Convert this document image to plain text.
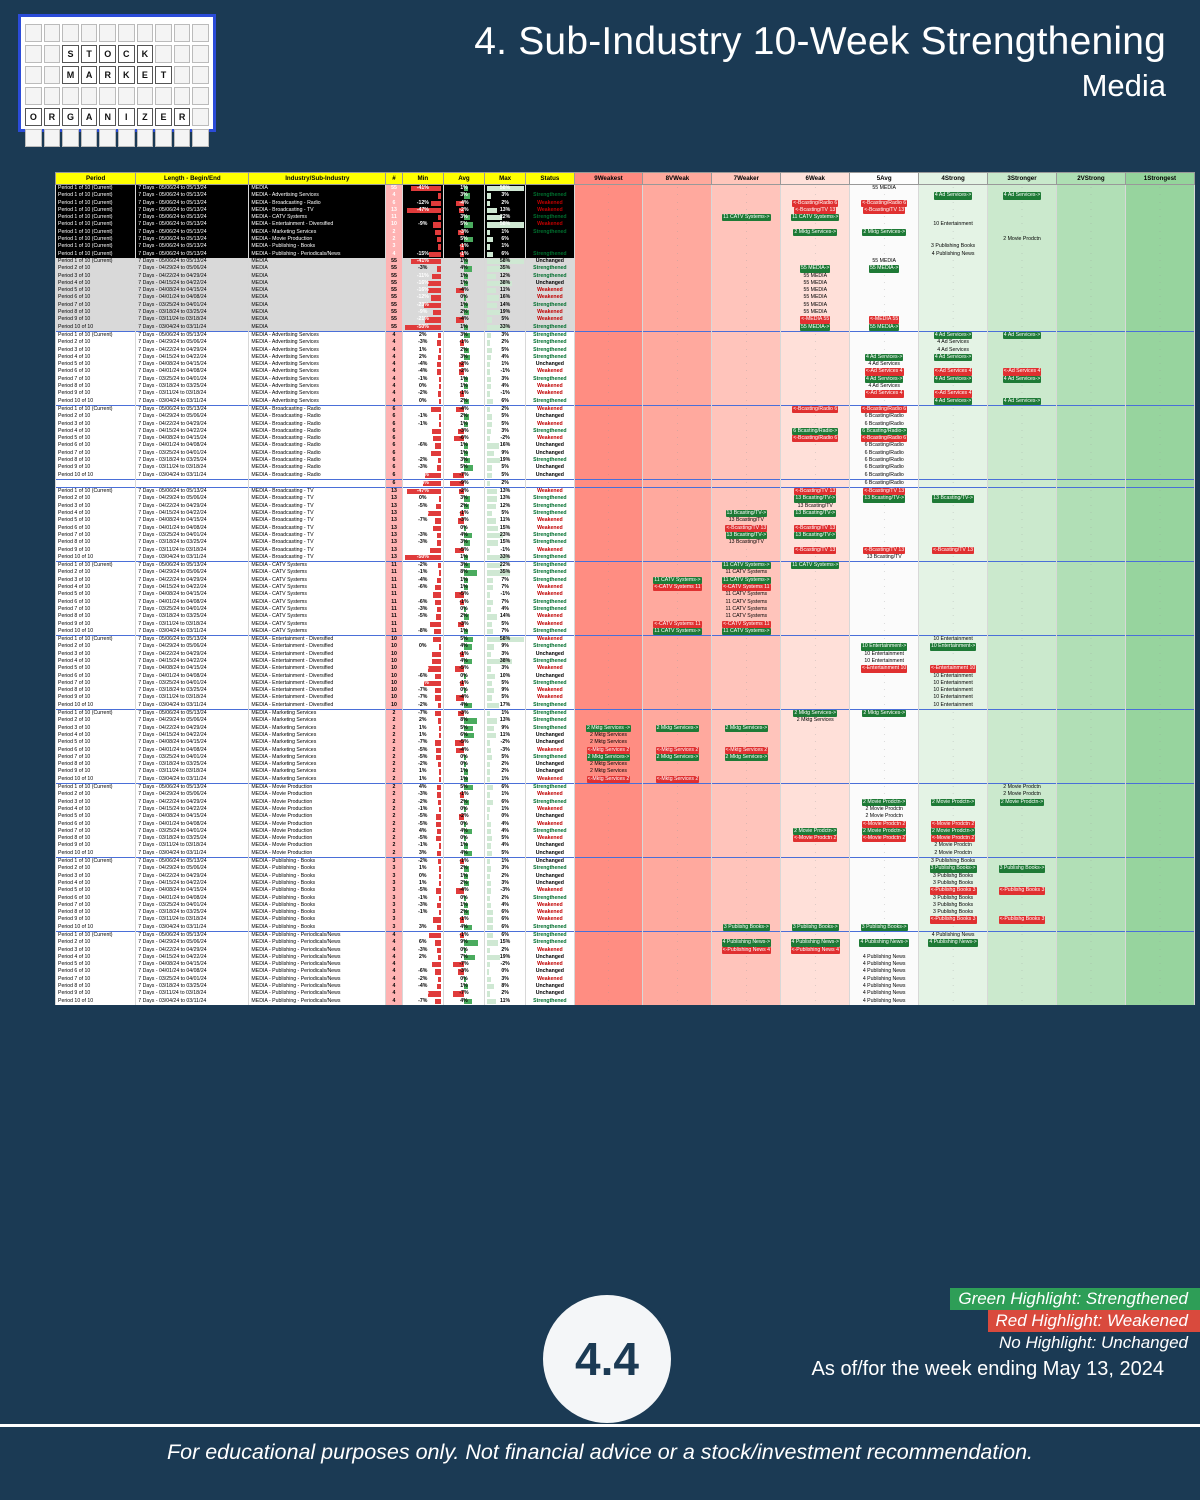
S	T	O	C	K
M	A	R	K	E	T
O	R	G	A	N	I	Z	E	R
4. Sub-Industry 10-Week Strengthening
Media
Period	Length - Begin/End	Industry/Sub-Industry	#	Min	Avg	Max	Status	9Weakest	8VWeak	7Weaker	6Weak	5Avg	4Strong	3Stronger	2VStrong	1Strongest
Period 1 of 10 (Current)	7 Days - 05/06/24 to 05/13/24	MEDIA	55	-41%	1%	58%	Unchanged	·	·	·	·	55 MEDIA	·	·	·	·
Period 1 of 10 (Current)	7 Days - 05/06/24 to 05/13/24	MEDIA - Advertising Services	4	2%	3%	3%	Strengthened	·	·	·	·	·	4 Ad Services->	4 Ad Services->	·	·
Period 1 of 10 (Current)	7 Days - 05/06/24 to 05/13/24	MEDIA - Broadcasting - Radio	6	-12%	-4%	2%	Weakened	·	·	·	<-Bcasting/Radio 6	<-Bcasting/Radio 6	·	·	·	·
Period 1 of 10 (Current)	7 Days - 05/06/24 to 05/13/24	MEDIA - Broadcasting - TV	13	-47%	-2%	13%	Weakened	·	·	·	<-Bcasting/TV 13	<-Bcasting/TV 13	·	·	·	·
Period 1 of 10 (Current)	7 Days - 05/06/24 to 05/13/24	MEDIA - CATV Systems	11	-2%	3%	22%	Strengthened	·	·	11 CATV Systems->	11 CATV Systems->	·	·	·	·	·
Period 1 of 10 (Current)	7 Days - 05/06/24 to 05/13/24	MEDIA - Entertainment - Diversified	10	-9%	5%	58%	Weakened	·	·	·	·	·	10 Entertainment	·	·	·
Period 1 of 10 (Current)	7 Days - 05/06/24 to 05/13/24	MEDIA - Marketing Services	2	-7%	-3%	1%	Strengthened	·	·	·	2 Mktg Services->	2 Mktg Services->	·	·	·	·
Period 1 of 10 (Current)	7 Days - 05/06/24 to 05/13/24	MEDIA - Movie Production	2	4%	5%	6%	Unchanged	·	·	·	·	·	·	2 Movie Prodctn	·	·
Period 1 of 10 (Current)	7 Days - 05/06/24 to 05/13/24	MEDIA - Publishing - Books	3	-2%	-1%	1%	Unchanged	·	·	·	·	·	3 Publishing Books	·	·	·
Period 1 of 10 (Current)	7 Days - 05/06/24 to 05/13/24	MEDIA - Publishing - Periodicals/News	4	-15%	-1%	6%	Strengthened	·	·	·	·	·	4 Publishing News	·	·	·
Period 1 of 10 (Current)	7 Days - 05/06/24 to 05/13/24	MEDIA	55	-41%	1%	58%	Unchanged	·	·	·	·	55 MEDIA	·	·	·	·
Period 2 of 10	7 Days - 04/29/24 to 05/06/24	MEDIA	55	-3%	4%	35%	Strengthened	·	·	·	55 MEDIA->	55 MEDIA->	·	·	·	·
Period 3 of 10	7 Days - 04/22/24 to 04/29/24	MEDIA	55	-11%	1%	12%	Strengthened	·	·	·	55 MEDIA	·	·	·	·	·
Period 4 of 10	7 Days - 04/15/24 to 04/22/24	MEDIA	55	-16%	1%	38%	Unchanged	·	·	·	55 MEDIA	·	·	·	·	·
Period 5 of 10	7 Days - 04/08/24 to 04/15/24	MEDIA	55	-16%	-4%	11%	Weakened	·	·	·	55 MEDIA	·	·	·	·	·
Period 6 of 10	7 Days - 04/01/24 to 04/08/24	MEDIA	55	-12%	0%	16%	Weakened	·	·	·	55 MEDIA	·	·	·	·	·
Period 7 of 10	7 Days - 03/25/24 to 04/01/24	MEDIA	55	-23%	1%	14%	Strengthened	·	·	·	55 MEDIA	·	·	·	·	·
Period 8 of 10	7 Days - 03/18/24 to 03/25/24	MEDIA	55	-9%	2%	19%	Weakened	·	·	·	55 MEDIA	·	·	·	·	·
Period 9 of 10	7 Days - 03/11/24 to 03/18/24	MEDIA	55	-21%	-4%	5%	Weakened	·	·	·	<-MEDIA 55	<-MEDIA 55	·	·	·	·
Period 10 of 10	7 Days - 03/04/24 to 03/11/24	MEDIA	55	-50%	1%	33%	Strengthened	·	·	·	55 MEDIA->	55 MEDIA->	·	·	·	·
Period 1 of 10 (Current)	7 Days - 05/06/24 to 05/13/24	MEDIA - Advertising Services	4	2%	3%	3%	Strengthened	·	·	·	·	·	4 Ad Services->	4 Ad Services->	·	·
Period 2 of 10	7 Days - 04/29/24 to 05/06/24	MEDIA - Advertising Services	4	-3%	-1%	2%	Strengthened	·	·	·	·	·	4 Ad Services	·	·	·
Period 3 of 10	7 Days - 04/22/24 to 04/29/24	MEDIA - Advertising Services	4	1%	2%	5%	Strengthened	·	·	·	·	·	4 Ad Services	·	·	·
Period 4 of 10	7 Days - 04/15/24 to 04/22/24	MEDIA - Advertising Services	4	2%	3%	4%	Strengthened	·	·	·	·	4 Ad Services->	4 Ad Services->	·	·	·
Period 5 of 10	7 Days - 04/08/24 to 04/15/24	MEDIA - Advertising Services	4	-4%	-2%	1%	Unchanged	·	·	·	·	4 Ad Services	·	·	·	·
Period 6 of 10	7 Days - 04/01/24 to 04/08/24	MEDIA - Advertising Services	4	-4%	-2%	-1%	Weakened	·	·	·	·	<-Ad Services 4	<-Ad Services 4	<-Ad Services 4	·	·
Period 7 of 10	7 Days - 03/25/24 to 04/01/24	MEDIA - Advertising Services	4	-1%	1%	3%	Strengthened	·	·	·	·	4 Ad Services->	4 Ad Services->	4 Ad Services->	·	·
Period 8 of 10	7 Days - 03/18/24 to 03/25/24	MEDIA - Advertising Services	4	0%	1%	4%	Weakened	·	·	·	·	4 Ad Services	·	·	·	·
Period 9 of 10	7 Days - 03/11/24 to 03/18/24	MEDIA - Advertising Services	4	-2%	-1%	-1%	Weakened	·	·	·	·	<-Ad Services 4	<-Ad Services 4	·	·	·
Period 10 of 10	7 Days - 03/04/24 to 03/11/24	MEDIA - Advertising Services	4	0%	2%	6%	Strengthened	·	·	·	·	·	4 Ad Services->	4 Ad Services->	·	·
Period 1 of 10 (Current)	7 Days - 05/06/24 to 05/13/24	MEDIA - Broadcasting - Radio	6	-12%	-4%	2%	Weakened	·	·	·	<-Bcasting/Radio 6	<-Bcasting/Radio 6	·	·	·	·
Period 2 of 10	7 Days - 04/29/24 to 05/06/24	MEDIA - Broadcasting - Radio	6	-1%	2%	5%	Unchanged	·	·	·	·	6 Bcasting/Radio	·	·	·	·
Period 3 of 10	7 Days - 04/22/24 to 04/29/24	MEDIA - Broadcasting - Radio	6	-1%	1%	5%	Weakened	·	·	·	·	6 Bcasting/Radio	·	·	·	·
Period 4 of 10	7 Days - 04/15/24 to 04/22/24	MEDIA - Broadcasting - Radio	6	-10%	-3%	3%	Strengthened	·	·	·	6 Bcasting/Radio->	6 Bcasting/Radio->	·	·	·	·
Period 5 of 10	7 Days - 04/08/24 to 04/15/24	MEDIA - Broadcasting - Radio	6	-9%	-6%	-2%	Weakened	·	·	·	<-Bcasting/Radio 6	<-Bcasting/Radio 6	·	·	·	·
Period 6 of 10	7 Days - 04/01/24 to 04/08/24	MEDIA - Broadcasting - Radio	6	-6%	1%	16%	Unchanged	·	·	·	·	6 Bcasting/Radio	·	·	·	·
Period 7 of 10	7 Days - 03/25/24 to 04/01/24	MEDIA - Broadcasting - Radio	6	-12%	1%	9%	Unchanged	·	·	·	·	6 Bcasting/Radio	·	·	·	·
Period 8 of 10	7 Days - 03/18/24 to 03/25/24	MEDIA - Broadcasting - Radio	6	-2%	3%	19%	Strengthened	·	·	·	·	6 Bcasting/Radio	·	·	·	·
Period 9 of 10	7 Days - 03/11/24 to 03/18/24	MEDIA - Broadcasting - Radio	6	-3%	5%	5%	Unchanged	·	·	·	·	6 Bcasting/Radio	·	·	·	·
Period 10 of 10	7 Days - 03/04/24 to 03/11/24	MEDIA - Broadcasting - Radio	6	-21%	-7%	5%	Unchanged	·	·	·	·	6 Bcasting/Radio	·	·	·	·
			6	-24%	-9%	2%		·	·	·	·	6 Bcasting/Radio	·	·	·	·
Period 1 of 10 (Current)	7 Days - 05/06/24 to 05/13/24	MEDIA - Broadcasting - TV	13	-47%	-2%	13%	Weakened	·	·	·	<-Bcasting/TV 13	<-Bcasting/TV 13	·	·	·	·
Period 2 of 10	7 Days - 04/29/24 to 05/06/24	MEDIA - Broadcasting - TV	13	0%	3%	13%	Strengthened	·	·	·	13 Bcasting/TV->	13 Bcasting/TV->	13 Bcasting/TV->	·	·	·
Period 3 of 10	7 Days - 04/22/24 to 04/29/24	MEDIA - Broadcasting - TV	13	-5%	2%	12%	Strengthened	·	·	·	13 Bcasting/TV	·	·	·	·	·
Period 4 of 10	7 Days - 04/15/24 to 04/22/24	MEDIA - Broadcasting - TV	13	-16%	-1%	5%	Strengthened	·	·	13 Bcasting/TV->	13 Bcasting/TV->	·	·	·	·	·
Period 5 of 10	7 Days - 04/08/24 to 04/15/24	MEDIA - Broadcasting - TV	13	-7%	-3%	11%	Weakened	·	·	13 Bcasting/TV	·	·	·	·	·	·
Period 6 of 10	7 Days - 04/01/24 to 04/08/24	MEDIA - Broadcasting - TV	13	-9%	0%	15%	Weakened	·	·	<-Bcasting/TV 13	<-Bcasting/TV 13	·	·	·	·	·
Period 7 of 10	7 Days - 03/25/24 to 04/01/24	MEDIA - Broadcasting - TV	13	-3%	4%	23%	Strengthened	·	·	13 Bcasting/TV->	13 Bcasting/TV->	·	·	·	·	·
Period 8 of 10	7 Days - 03/18/24 to 03/25/24	MEDIA - Broadcasting - TV	13	-3%	3%	15%	Strengthened	·	·	13 Bcasting/TV	·	·	·	·	·	·
Period 9 of 10	7 Days - 03/11/24 to 03/18/24	MEDIA - Broadcasting - TV	13	-14%	-5%	-1%	Weakened	·	·	·	<-Bcasting/TV 13	<-Bcasting/TV 13	<-Bcasting/TV 13	·	·	·
Period 10 of 10	7 Days - 03/04/24 to 03/11/24	MEDIA - Broadcasting - TV	13	-50%	1%	33%	Strengthened	·	·	·	·	13 Bcasting/TV	·	·	·	·
Period 1 of 10 (Current)	7 Days - 05/06/24 to 05/13/24	MEDIA - CATV Systems	11	-2%	3%	22%	Strengthened	·	·	11 CATV Systems->	11 CATV Systems->	·	·	·	·	·
Period 2 of 10	7 Days - 04/29/24 to 05/06/24	MEDIA - CATV Systems	11	-1%	8%	35%	Strengthened	·	·	11 CATV Systems	·	·	·	·	·	·
Period 3 of 10	7 Days - 04/22/24 to 04/29/24	MEDIA - CATV Systems	11	-4%	1%	7%	Strengthened	·	11 CATV Systems->	11 CATV Systems->	·	·	·	·	·	·
Period 4 of 10	7 Days - 04/15/24 to 04/22/24	MEDIA - CATV Systems	11	-6%	1%	7%	Weakened	·	<-CATV Systems 11	<-CATV Systems 11	·	·	·	·	·	·
Period 5 of 10	7 Days - 04/08/24 to 04/15/24	MEDIA - CATV Systems	11	-9%	-5%	-1%	Weakened	·	·	11 CATV Systems	·	·	·	·	·	·
Period 6 of 10	7 Days - 04/01/24 to 04/08/24	MEDIA - CATV Systems	11	-6%	-1%	7%	Strengthened	·	·	11 CATV Systems	·	·	·	·	·	·
Period 7 of 10	7 Days - 03/25/24 to 04/01/24	MEDIA - CATV Systems	11	-3%	0%	4%	Strengthened	·	·	11 CATV Systems	·	·	·	·	·	·
Period 8 of 10	7 Days - 03/18/24 to 03/25/24	MEDIA - CATV Systems	11	-5%	2%	14%	Weakened	·	·	11 CATV Systems	·	·	·	·	·	·
Period 9 of 10	7 Days - 03/11/24 to 03/18/24	MEDIA - CATV Systems	11	-14%	-3%	5%	Weakened	·	<-CATV Systems 11	<-CATV Systems 11	·	·	·	·	·	·
Period 10 of 10	7 Days - 03/04/24 to 03/11/24	MEDIA - CATV Systems	11	-8%	1%	7%	Strengthened	·	11 CATV Systems->	11 CATV Systems->	·	·	·	·	·	·
Period 1 of 10 (Current)	7 Days - 05/06/24 to 05/13/24	MEDIA - Entertainment - Diversified	10	-9%	5%	58%	Weakened	·	·	·	·	·	10 Entertainment	·	·	·
Period 2 of 10	7 Days - 04/29/24 to 05/06/24	MEDIA - Entertainment - Diversified	10	0%	4%	9%	Strengthened	·	·	·	·	10 Entertainment->	10 Entertainment->	·	·	·
Period 3 of 10	7 Days - 04/22/24 to 04/29/24	MEDIA - Entertainment - Diversified	10	-11%	-1%	3%	Unchanged	·	·	·	·	10 Entertainment	·	·	·	·
Period 4 of 10	7 Days - 04/15/24 to 04/22/24	MEDIA - Entertainment - Diversified	10	-11%	4%	38%	Strengthened	·	·	·	·	10 Entertainment	·	·	·	·
Period 5 of 10	7 Days - 04/08/24 to 04/15/24	MEDIA - Entertainment - Diversified	10	-16%	-5%	3%	Weakened	·	·	·	·	<-Entertainment 10	<-Entertainment 10	·	·	·
Period 6 of 10	7 Days - 04/01/24 to 04/08/24	MEDIA - Entertainment - Diversified	10	-6%	0%	10%	Unchanged	·	·	·	·	·	10 Entertainment	·	·	·
Period 7 of 10	7 Days - 03/25/24 to 04/01/24	MEDIA - Entertainment - Diversified	10	-23%	-1%	5%	Strengthened	·	·	·	·	·	10 Entertainment	·	·	·
Period 8 of 10	7 Days - 03/18/24 to 03/25/24	MEDIA - Entertainment - Diversified	10	-7%	0%	9%	Weakened	·	·	·	·	·	10 Entertainment	·	·	·
Period 9 of 10	7 Days - 03/11/24 to 03/18/24	MEDIA - Entertainment - Diversified	10	-7%	-4%	5%	Weakened	·	·	·	·	·	10 Entertainment	·	·	·
Period 10 of 10	7 Days - 03/04/24 to 03/11/24	MEDIA - Entertainment - Diversified	10	-2%	4%	17%	Strengthened	·	·	·	·	·	10 Entertainment	·	·	·
Period 1 of 10 (Current)	7 Days - 05/06/24 to 05/13/24	MEDIA - Marketing Services	2	-7%	-3%	1%	Strengthened	·	·	·	2 Mktg Services->	2 Mktg Services->	·	·	·	·
Period 2 of 10	7 Days - 04/29/24 to 05/06/24	MEDIA - Marketing Services	2	2%	8%	13%	Strengthened	·	·	·	2 Mktg Services	·	·	·	·	·
Period 3 of 10	7 Days - 04/22/24 to 04/29/24	MEDIA - Marketing Services	2	1%	5%	9%	Strengthened	2 Mktg Services ->	2 Mktg Services->	2 Mktg Services->	·	·	·	·	·	·
Period 4 of 10	7 Days - 04/15/24 to 04/22/24	MEDIA - Marketing Services	2	1%	6%	11%	Unchanged	2 Mktg Services	·	·	·	·	·	·	·	·
Period 5 of 10	7 Days - 04/08/24 to 04/15/24	MEDIA - Marketing Services	2	-7%	-5%	-2%	Unchanged	2 Mktg Services	·	·	·	·	·	·	·	·
Period 6 of 10	7 Days - 04/01/24 to 04/08/24	MEDIA - Marketing Services	2	-5%	-4%	-3%	Weakened	<-Mktg Services 2	<-Mktg Services 2	<-Mktg Services 2	·	·	·	·	·	·
Period 7 of 10	7 Days - 03/25/24 to 04/01/24	MEDIA - Marketing Services	2	-5%	0%	5%	Strengthened	2 Mktg Services->	2 Mktg Services->	2 Mktg Services->	·	·	·	·	·	·
Period 8 of 10	7 Days - 03/18/24 to 03/25/24	MEDIA - Marketing Services	2	-2%	0%	2%	Unchanged	2 Mktg Services	·	·	·	·	·	·	·	·
Period 9 of 10	7 Days - 03/11/24 to 03/18/24	MEDIA - Marketing Services	2	1%	1%	2%	Unchanged	2 Mktg Services	·	·	·	·	·	·	·	·
Period 10 of 10	7 Days - 03/04/24 to 03/11/24	MEDIA - Marketing Services	2	1%	1%	1%	Weakened	<-Mktg Services 2	<-Mktg Services 2	·	·	·	·	·	·	·
Period 1 of 10 (Current)	7 Days - 05/06/24 to 05/13/24	MEDIA - Movie Production	2	4%	5%	6%	Strengthened	·	·	·	·	·	·	2 Movie Prodctn	·	·
Period 2 of 10	7 Days - 04/29/24 to 05/06/24	MEDIA - Movie Production	2	-3%	-1%	1%	Weakened	·	·	·	·	·	·	2 Movie Prodctn	·	·
Period 3 of 10	7 Days - 04/22/24 to 04/29/24	MEDIA - Movie Production	2	-2%	2%	6%	Strengthened	·	·	·	·	2 Movie Prodctn->	2 Movie Prodctn->	2 Movie Prodctn->	·	·
Period 4 of 10	7 Days - 04/15/24 to 04/22/24	MEDIA - Movie Production	2	-1%	0%	1%	Weakened	·	·	·	·	2 Movie Prodctn	·	·	·	·
Period 5 of 10	7 Days - 04/08/24 to 04/15/24	MEDIA - Movie Production	2	-5%	-2%	0%	Unchanged	·	·	·	·	2 Movie Prodctn	·	·	·	·
Period 6 of 10	7 Days - 04/01/24 to 04/08/24	MEDIA - Movie Production	2	-5%	0%	4%	Weakened	·	·	·	·	<-Movie Prodctn 2	<-Movie Prodctn 2	·	·	·
Period 7 of 10	7 Days - 03/25/24 to 04/01/24	MEDIA - Movie Production	2	4%	4%	4%	Strengthened	·	·	·	2 Movie Prodctn->	2 Movie Prodctn->	2 Movie Prodctn->	·	·	·
Period 8 of 10	7 Days - 03/18/24 to 03/25/24	MEDIA - Movie Production	2	-5%	0%	5%	Weakened	·	·	·	<-Movie Prodctn 2	<-Movie Prodctn 2	<-Movie Prodctn 2	·	·	·
Period 9 of 10	7 Days - 03/11/24 to 03/18/24	MEDIA - Movie Production	2	-1%	1%	4%	Unchanged	·	·	·	·	·	2 Movie Prodctn	·	·	·
Period 10 of 10	7 Days - 03/04/24 to 03/11/24	MEDIA - Movie Production	2	3%	4%	5%	Unchanged	·	·	·	·	·	2 Movie Prodctn	·	·	·
Period 1 of 10 (Current)	7 Days - 05/06/24 to 05/13/24	MEDIA - Publishing - Books	3	-2%	-1%	1%	Unchanged	·	·	·	·	·	3 Publishing Books	·	·	·
Period 2 of 10	7 Days - 04/29/24 to 05/06/24	MEDIA - Publishing - Books	3	1%	2%	3%	Strengthened	·	·	·	·	·	3 Publishg Books->	3 Publishg Books->	·	·
Period 3 of 10	7 Days - 04/22/24 to 04/29/24	MEDIA - Publishing - Books	3	0%	1%	2%	Unchanged	·	·	·	·	·	3 Publishg Books	·	·	·
Period 4 of 10	7 Days - 04/15/24 to 04/22/24	MEDIA - Publishing - Books	3	1%	2%	3%	Unchanged	·	·	·	·	·	3 Publishg Books	·	·	·
Period 5 of 10	7 Days - 04/08/24 to 04/15/24	MEDIA - Publishing - Books	3	-5%	-4%	-3%	Weakened	·	·	·	·	·	<-Publishg Books 3	<-Publishg Books 3	·	·
Period 6 of 10	7 Days - 04/01/24 to 04/08/24	MEDIA - Publishing - Books	3	-1%	0%	2%	Strengthened	·	·	·	·	·	3 Publishg Books	·	·	·
Period 7 of 10	7 Days - 03/25/24 to 04/01/24	MEDIA - Publishing - Books	3	-3%	1%	4%	Weakened	·	·	·	·	·	3 Publishg Books	·	·	·
Period 8 of 10	7 Days - 03/18/24 to 03/25/24	MEDIA - Publishing - Books	3	-1%	2%	6%	Weakened	·	·	·	·	·	3 Publishg Books	·	·	·
Period 9 of 10	7 Days - 03/11/24 to 03/18/24	MEDIA - Publishing - Books	3	-9%	-1%	6%	Weakened	·	·	·	·	·	<-Publishg Books 3	<-Publishg Books 3	·	·
Period 10 of 10	7 Days - 03/04/24 to 03/11/24	MEDIA - Publishing - Books	3	3%	4%	6%	Strengthened	·	·	3 Publishg Books->	3 Publishg Books->	3 Publishg Books->	·	·	·	·
Period 1 of 10 (Current)	7 Days - 05/06/24 to 05/13/24	MEDIA - Publishing - Periodicals/News	4	-15%	-1%	6%	Strengthened	·	·	·	·	·	4 Publishing News	·	·	·
Period 2 of 10	7 Days - 04/29/24 to 05/06/24	MEDIA - Publishing - Periodicals/News	4	6%	9%	15%	Strengthened	·	·	4 Publishing News->	4 Publishing News->	4 Publishing News->	4 Publishing News->	·	·	·
Period 3 of 10	7 Days - 04/22/24 to 04/29/24	MEDIA - Publishing - Periodicals/News	4	-3%	0%	2%	Weakened	·	·	<-Publishing News 4	<-Publishing News 4	·	·	·	·	·
Period 4 of 10	7 Days - 04/15/24 to 04/22/24	MEDIA - Publishing - Periodicals/News	4	2%	7%	19%	Unchanged	·	·	·	·	4 Publishing News	·	·	·	·
Period 5 of 10	7 Days - 04/08/24 to 04/15/24	MEDIA - Publishing - Periodicals/News	4	-10%	-7%	-2%	Weakened	·	·	·	·	4 Publishing News	·	·	·	·
Period 6 of 10	7 Days - 04/01/24 to 04/08/24	MEDIA - Publishing - Periodicals/News	4	-6%	-3%	0%	Unchanged	·	·	·	·	4 Publishing News	·	·	·	·
Period 7 of 10	7 Days - 03/25/24 to 04/01/24	MEDIA - Publishing - Periodicals/News	4	-2%	0%	3%	Weakened	·	·	·	·	4 Publishing News	·	·	·	·
Period 8 of 10	7 Days - 03/18/24 to 03/25/24	MEDIA - Publishing - Periodicals/News	4	-4%	1%	8%	Unchanged	·	·	·	·	4 Publishing News	·	·	·	·
Period 9 of 10	7 Days - 03/11/24 to 03/18/24	MEDIA - Publishing - Periodicals/News	4	-17%	-7%	2%	Unchanged	·	·	·	·	4 Publishing News	·	·	·	·
Period 10 of 10	7 Days - 03/04/24 to 03/11/24	MEDIA - Publishing - Periodicals/News	4	-7%	4%	11%	Strengthened	·	·	·	·	4 Publishing News	·	·	·	·
Green Highlight: Strengthened
Red Highlight: Weakened
No Highlight: Unchanged
4.4	As of/for the week ending May 13, 2024
For educational purposes only. Not financial advice or a stock/investment recommendation.
